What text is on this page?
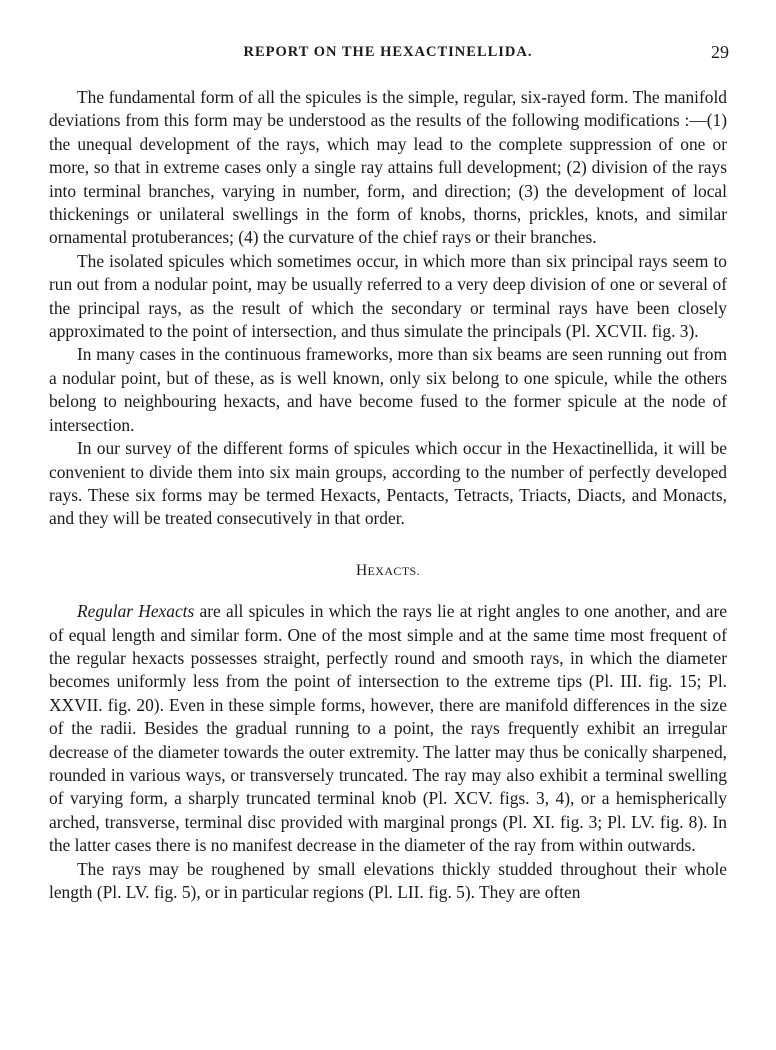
REPORT ON THE HEXACTINELLIDA.	29

The fundamental form of all the spicules is the simple, regular, six-rayed form. The manifold deviations from this form may be understood as the results of the following modifications :—(1) the unequal development of the rays, which may lead to the complete suppression of one or more, so that in extreme cases only a single ray attains full development; (2) division of the rays into terminal branches, varying in number, form, and direction; (3) the development of local thickenings or unilateral swellings in the form of knobs, thorns, prickles, knots, and similar ornamental protuberances; (4) the curvature of the chief rays or their branches.

The isolated spicules which sometimes occur, in which more than six principal rays seem to run out from a nodular point, may be usually referred to a very deep division of one or several of the principal rays, as the result of which the secondary or terminal rays have been closely approximated to the point of intersection, and thus simulate the principals (Pl. XCVII. fig. 3).

In many cases in the continuous frameworks, more than six beams are seen running out from a nodular point, but of these, as is well known, only six belong to one spicule, while the others belong to neighbouring hexacts, and have become fused to the former spicule at the node of intersection.

In our survey of the different forms of spicules which occur in the Hexactinellida, it will be convenient to divide them into six main groups, according to the number of perfectly developed rays. These six forms may be termed Hexacts, Pentacts, Tetracts, Triacts, Diacts, and Monacts, and they will be treated consecutively in that order.

HEXACTS.

Regular Hexacts are all spicules in which the rays lie at right angles to one another, and are of equal length and similar form. One of the most simple and at the same time most frequent of the regular hexacts possesses straight, perfectly round and smooth rays, in which the diameter becomes uniformly less from the point of intersection to the extreme tips (Pl. III. fig. 15; Pl. XXVII. fig. 20). Even in these simple forms, however, there are manifold differences in the size of the radii. Besides the gradual running to a point, the rays frequently exhibit an irregular decrease of the diameter towards the outer extremity. The latter may thus be conically sharpened, rounded in various ways, or transversely truncated. The ray may also exhibit a terminal swelling of varying form, a sharply truncated terminal knob (Pl. XCV. figs. 3, 4), or a hemispherically arched, transverse, terminal disc provided with marginal prongs (Pl. XI. fig. 3; Pl. LV. fig. 8). In the latter cases there is no manifest decrease in the diameter of the ray from within outwards.

The rays may be roughened by small elevations thickly studded throughout their whole length (Pl. LV. fig. 5), or in particular regions (Pl. LII. fig. 5). They are often
